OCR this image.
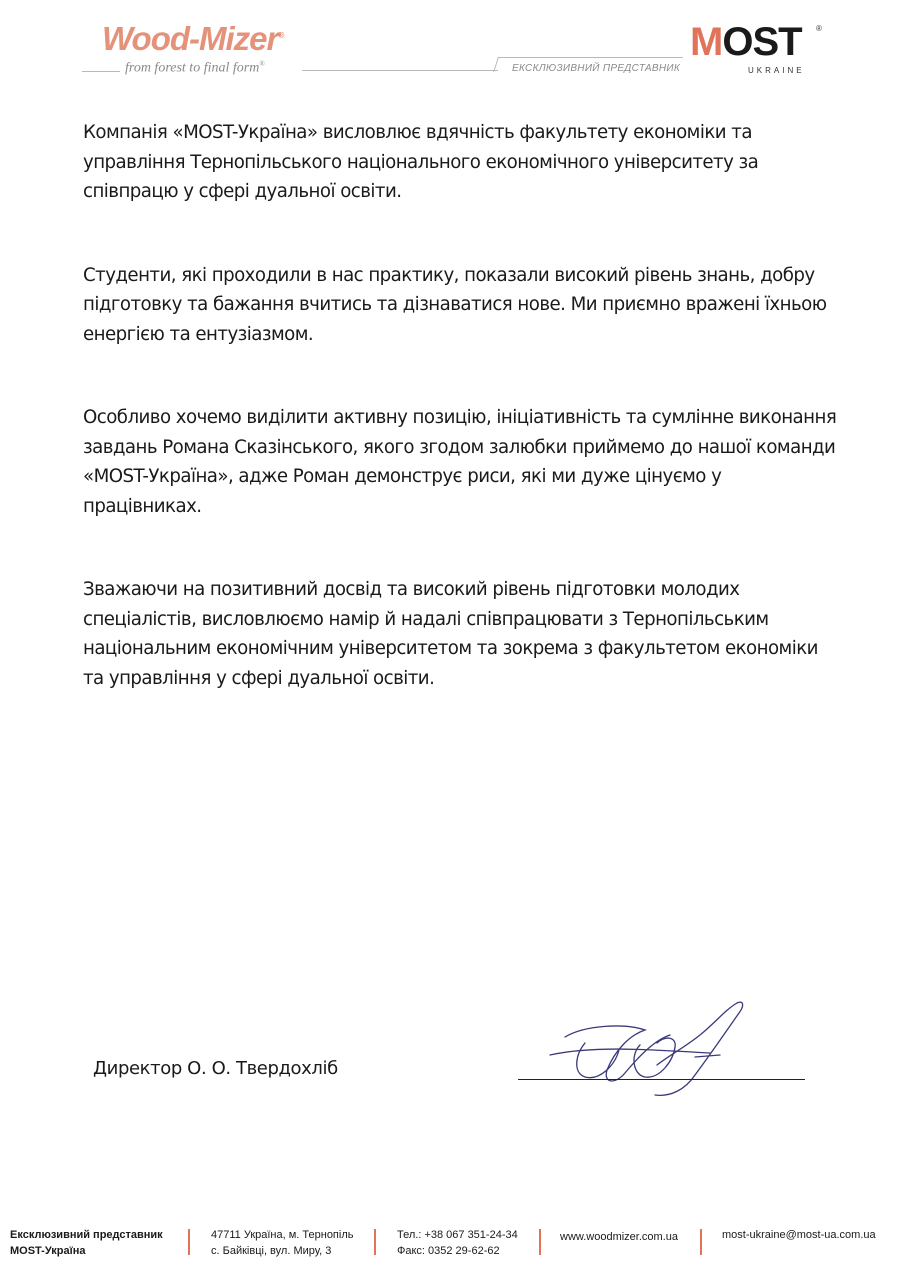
Wood-Mizer®
from forest to final form®	ЕКСКЛЮЗИВНИЙ ПРЕДСТАВНИК
MOST ®
UKRAINE

Компанія «MOST-Україна» висловлює вдячність факультету економіки та управління Тернопільського національного економічного університету за співпрацю у сфері дуальної освіти.

Студенти, які проходили в нас практику, показали високий рівень знань, добру підготовку та бажання вчитись та дізнаватися нове. Ми приємно вражені їхньою енергією та ентузіазмом.

Особливо хочемо виділити активну позицію, ініціативність та сумлінне виконання завдань Романа Сказінського, якого згодом залюбки приймемо до нашої команди «MOST-Україна», адже Роман демонструє риси, які ми дуже цінуємо у працівниках.

Зважаючи на позитивний досвід та високий рівень підготовки молодих спеціалістів, висловлюємо намір й надалі співпрацювати з Тернопільським національним економічним університетом та зокрема з факультетом економіки та управління у сфері дуальної освіти.

Директор О. О. Твердохліб
Ексклюзивний представник
MOST-Україна
47711 Україна, м. Тернопіль
с. Байківці, вул. Миру, 3
Тел.: +38 067 351-24-34
Факс: 0352 29-62-62
www.woodmizer.com.ua	most-ukraine@most-ua.com.ua
